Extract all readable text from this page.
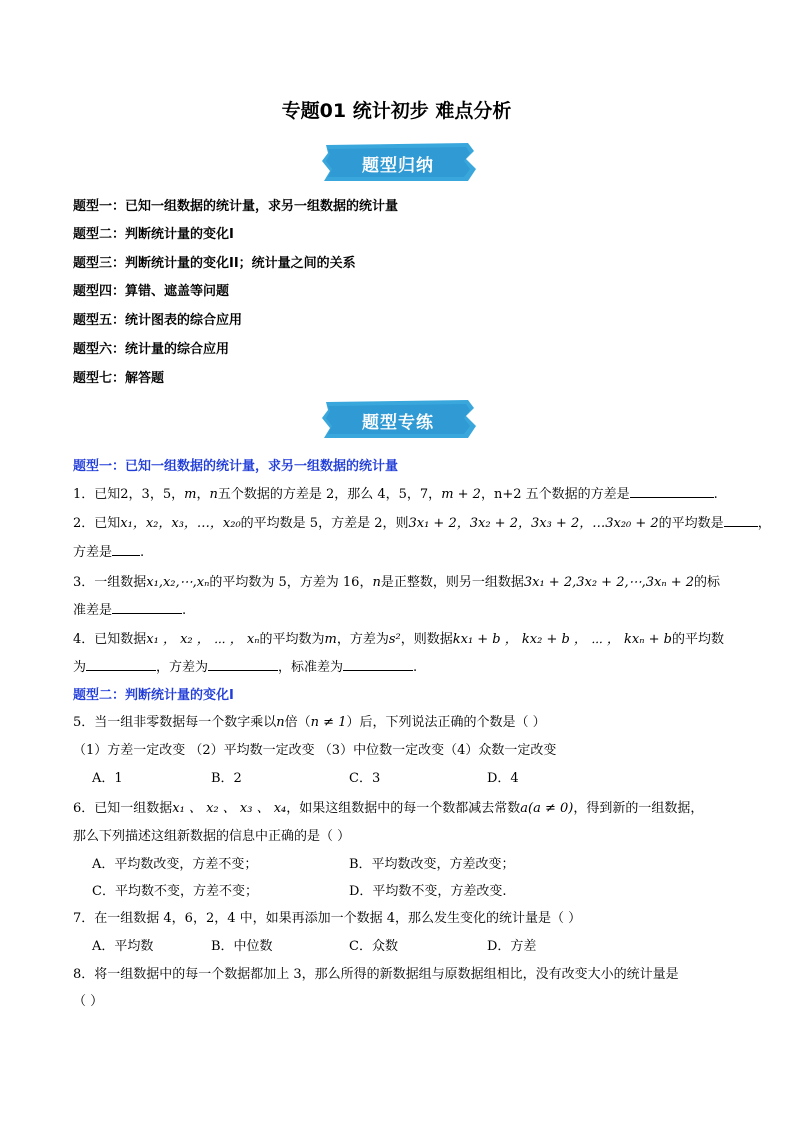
专题01 统计初步 难点分析
题型归纳
题型一：已知一组数据的统计量，求另一组数据的统计量
题型二：判断统计量的变化I
题型三：判断统计量的变化II；统计量之间的关系
题型四：算错、遮盖等问题
题型五：统计图表的综合应用
题型六：统计量的综合应用
题型七：解答题
题型专练
题型一：已知一组数据的统计量，求另一组数据的统计量
1．已知2，3，5，m，n五个数据的方差是 2，那么 4，5，7，m + 2，n+2 五个数据的方差是	.
2．已知x₁，x₂，x₃，…，x₂₀的平均数是 5，方差是 2，则3x₁ + 2，3x₂ + 2，3x₃ + 2，…3x₂₀ + 2的平均数是	，
方差是 .
3．一组数据x₁,x₂,⋯,xₙ的平均数为 5，方差为 16，n是正整数，则另一组数据3x₁ + 2,3x₂ + 2,⋯,3xₙ + 2的标
准差是	.
4．已知数据x₁ ， x₂ ， ⋯ ， xₙ的平均数为m，方差为s²，则数据kx₁ + b ， kx₂ + b ， ⋯ ， kxₙ + b的平均数
为	，方差为	，标准差为	.
题型二：判断统计量的变化Ⅰ
5．当一组非零数据每一个数字乘以n倍（n ≠ 1）后，下列说法正确的个数是（ ）
（1）方差一定改变 （2）平均数一定改变 （3）中位数一定改变（4）众数一定改变
A．1	B．2	C．3	D．4
6．已知一组数据x₁ 、 x₂ 、 x₃ 、 x₄，如果这组数据中的每一个数都减去常数a(a ≠ 0)，得到新的一组数据，
那么下列描述这组新数据的信息中正确的是（ ）
A．平均数改变，方差不变；	B．平均数改变，方差改变；
C．平均数不变，方差不变；	D．平均数不变，方差改变.
7．在一组数据 4，6，2，4 中，如果再添加一个数据 4，那么发生变化的统计量是（ ）
A．平均数	B．中位数	C．众数	D．方差
8．将一组数据中的每一个数据都加上 3，那么所得的新数据组与原数据组相比，没有改变大小的统计量是
（ ）
